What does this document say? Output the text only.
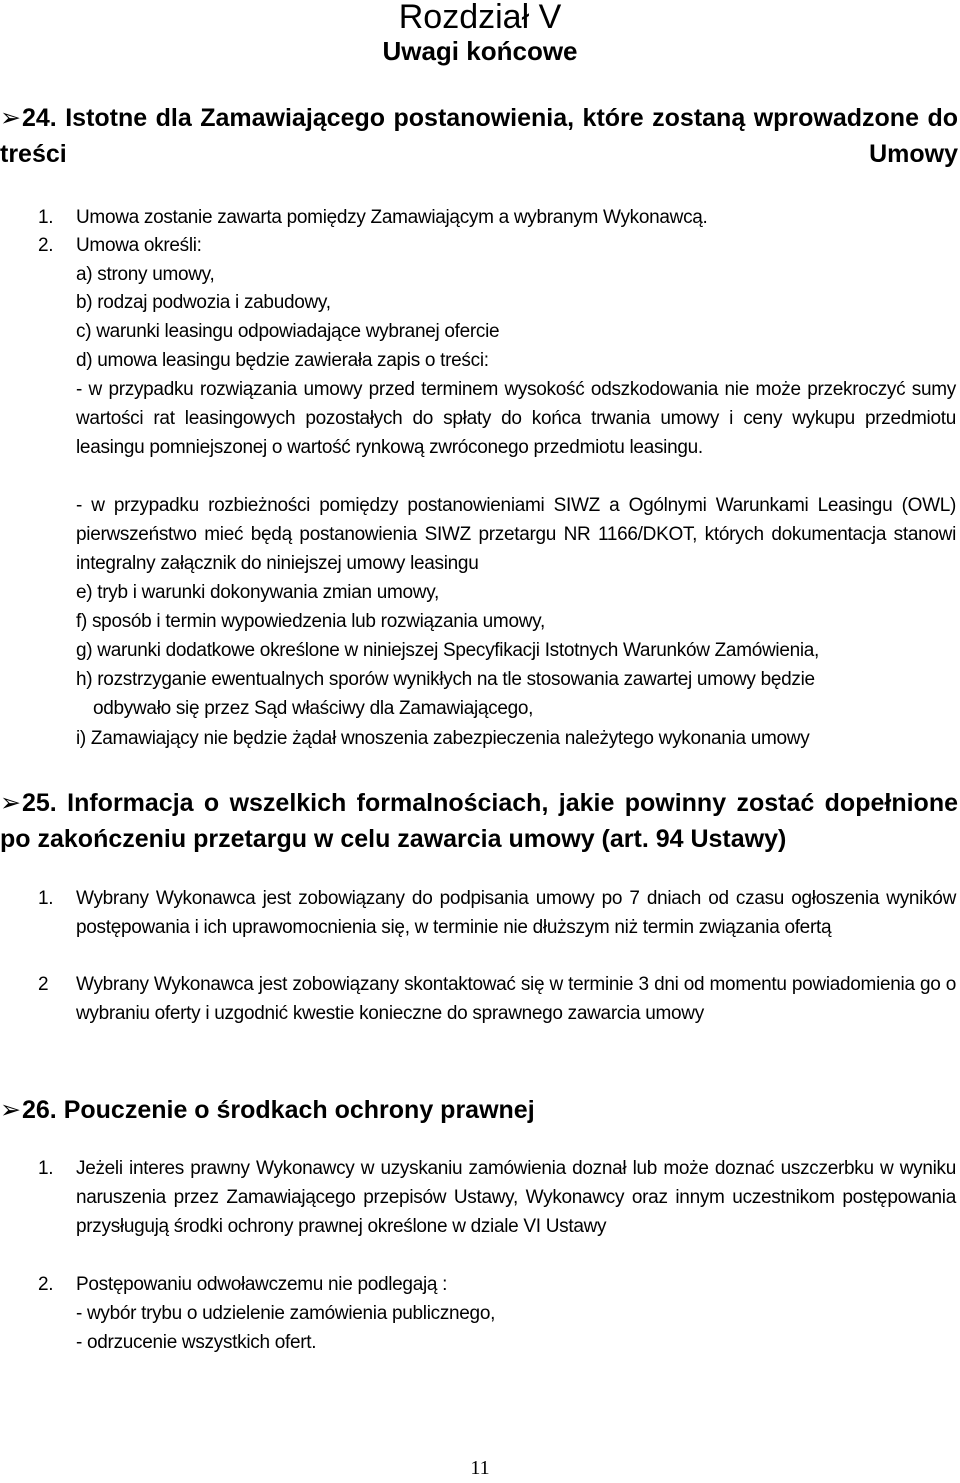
Rozdział V
Uwagi końcowe
➢ 24. Istotne dla Zamawiającego postanowienia, które zostaną wprowadzone do treści Umowy
1.	Umowa zostanie zawarta pomiędzy Zamawiającym a wybranym Wykonawcą.
2.	Umowa określi:
a) strony umowy,
b) rodzaj podwozia i zabudowy,
c) warunki leasingu odpowiadające wybranej ofercie
d) umowa leasingu będzie zawierała zapis o treści:
- w przypadku rozwiązania umowy przed terminem wysokość odszkodowania nie może przekroczyć sumy wartości rat leasingowych pozostałych do spłaty do końca trwania umowy i ceny wykupu przedmiotu leasingu pomniejszonej o wartość rynkową zwróconego przedmiotu leasingu.
- w przypadku rozbieżności pomiędzy postanowieniami SIWZ a Ogólnymi Warunkami Leasingu (OWL) pierwszeństwo mieć będą postanowienia SIWZ przetargu NR 1166/DKOT, których dokumentacja stanowi integralny załącznik do niniejszej umowy leasingu
e) tryb i warunki dokonywania zmian umowy,
f) sposób i termin wypowiedzenia lub rozwiązania umowy,
g) warunki dodatkowe określone w niniejszej Specyfikacji Istotnych Warunków Zamówienia,
h) rozstrzyganie ewentualnych sporów wynikłych na tle stosowania zawartej umowy będzie
odbywało się przez Sąd właściwy dla Zamawiającego,
i) Zamawiający nie będzie żądał wnoszenia zabezpieczenia należytego wykonania umowy
➢ 25. Informacja o wszelkich formalnościach, jakie powinny zostać dopełnione po zakończeniu przetargu w celu zawarcia umowy (art. 94 Ustawy)
1.	Wybrany Wykonawca jest zobowiązany do podpisania umowy po 7 dniach od czasu ogłoszenia wyników postępowania i ich uprawomocnienia się, w terminie nie dłuższym niż termin związania ofertą
2	Wybrany Wykonawca jest zobowiązany skontaktować się w terminie 3 dni od momentu powiadomienia go o wybraniu oferty i uzgodnić kwestie konieczne do sprawnego zawarcia umowy
➢ 26. Pouczenie o środkach ochrony prawnej
1.	Jeżeli interes prawny Wykonawcy w uzyskaniu zamówienia doznał lub może doznać uszczerbku w wyniku naruszenia przez Zamawiającego przepisów Ustawy, Wykonawcy oraz innym uczestnikom postępowania przysługują środki ochrony prawnej określone w dziale VI Ustawy
2.	Postępowaniu odwoławczemu nie podlegają :
- wybór trybu o udzielenie zamówienia publicznego,
- odrzucenie wszystkich ofert.
11
